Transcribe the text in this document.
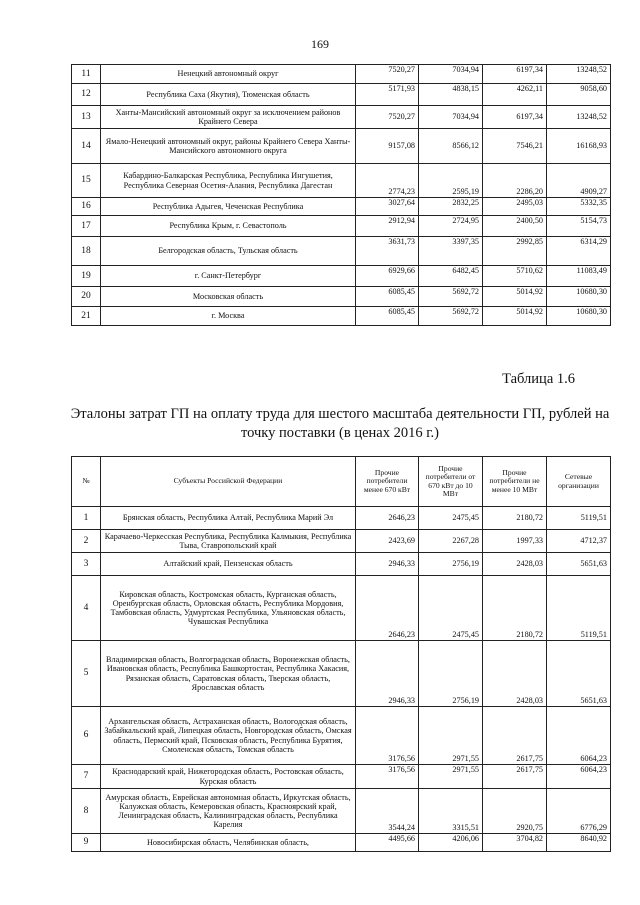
169
11	Ненецкий автономный округ	7520,27	7034,94	6197,34	13248,52
12	Республика Саха (Якутия), Тюменская область	5171,93	4838,15	4262,11	9058,60
13	Ханты-Мансийский автономный округ за исключением районов Крайнего Севера	7520,27	7034,94	6197,34	13248,52
14	Ямало-Ненецкий автономный округ, районы Крайнего Севера Ханты-Мансийского автономного округа	9157,08	8566,12	7546,21	16168,93
15	Кабардино-Балкарская Республика, Республика Ингушетия, Республика Северная Осетия-Алания, Республика Дагестан	2774,23	2595,19	2286,20	4909,27
16	Республика Адыгея, Чеченская Республика	3027,64	2832,25	2495,03	5332,35
17	Республика Крым, г. Севастополь	2912,94	2724,95	2400,50	5154,73
18	Белгородская область, Тульская область	3631,73	3397,35	2992,85	6314,29
19	г. Санкт-Петербург	6929,66	6482,45	5710,62	11083,49
20	Московская область	6085,45	5692,72	5014,92	10680,30
21	г. Москва	6085,45	5692,72	5014,92	10680,30
Таблица 1.6
Эталоны затрат ГП на оплату труда для шестого масштаба деятельности ГП, рублей на точку поставки (в ценах 2016 г.)
№	Субъекты Российской Федерации	Прочие потребители менее 670 кВт	Прочие потребители от 670 кВт до 10 МВт	Прочие потребители не менее 10 МВт	Сетевые организации
1	Брянская область, Республика Алтай, Республика Марий Эл	2646,23	2475,45	2180,72	5119,51
2	Карачаево-Черкесская Республика, Республика Калмыкия, Республика Тыва, Ставропольский край	2423,69	2267,28	1997,33	4712,37
3	Алтайский край, Пензенская область	2946,33	2756,19	2428,03	5651,63
4	Кировская область, Костромская область, Курганская область, Оренбургская область, Орловская область, Республика Мордовия, Тамбовская область, Удмуртская Республика, Ульяновская область, Чувашская Республика	2646,23	2475,45	2180,72	5119,51
5	Владимирская область, Волгоградская область, Воронежская область, Ивановская область, Республика Башкортостан, Республика Хакасия, Рязанская область, Саратовская область, Тверская область, Ярославская область	2946,33	2756,19	2428,03	5651,63
6	Архангельская область, Астраханская область, Вологодская область, Забайкальский край, Липецкая область, Новгородская область, Омская область, Пермский край, Псковская область, Республика Бурятия, Смоленская область, Томская область	3176,56	2971,55	2617,75	6064,23
7	Краснодарский край, Нижегородская область, Ростовская область, Курская область	3176,56	2971,55	2617,75	6064,23
8	Амурская область, Еврейская автономная область, Иркутская область, Калужская область, Кемеровская область, Красноярский край, Ленинградская область, Калининградская область, Республика Карелия	3544,24	3315,51	2920,75	6776,29
9	Новосибирская область, Челябинская область,	4495,66	4206,06	3704,82	8640,92
